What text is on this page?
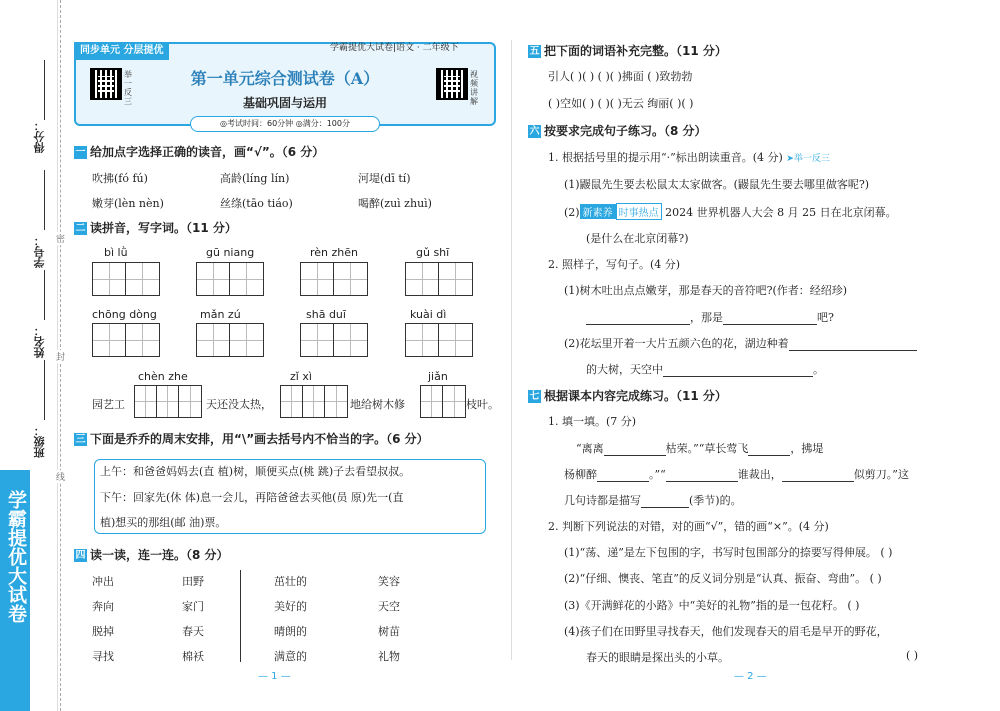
学霸提优大试卷
得分：
学号：
姓名：
班级：
密
封
线
同步单元 分层提优	学霸提优大试卷|语文 · 二年级下
举一反三
视频讲解
第一单元综合测试卷（A）
基础巩固与运用
◎考试时间：60分钟 ◎满分：100分
一 给加点字选择正确的读音，画“√”。（6 分）
吹拂(fó fú)	高龄(líng lín)	河堤(dī tí)
嫩芽(lèn nèn)	丝绦(tāo tiáo)	喝醉(zuì zhuì)
二 读拼音，写字词。（11 分）
bì lǜ	gū niang	rèn zhēn	gǔ shī
chōng dòng	mǎn zú	shā duī	kuài dì
chèn zhe	zǐ xì	jiǎn
园艺工	天还没太热，	地给树木修	枝叶。
三 下面是乔乔的周末安排，用“\”画去括号内不恰当的字。（6 分）
上午：和爸爸妈妈去(直 植)树，顺便买点(桃 跳)子去看望叔叔。
下午：回家先(休 体)息一会儿，再陪爸爸去买他(员 原)先一(直
植)想买的那组(邮 油)票。
四 读一读，连一连。（8 分）
冲出
奔向
脱掉
寻找
田野
家门
春天
棉袄
茁壮的
美好的
晴朗的
满意的
笑容
天空
树苗
礼物
五 把下面的词语补充完整。（11 分）
引人( )( ) ( )( )拂面 ( )致勃勃
( )空如( ) ( )( )无云 绚丽( )( )
六 按要求完成句子练习。（8 分）
1. 根据括号里的提示用“·”标出朗读重音。(4 分) ➤举一反三
(1)鼹鼠先生要去松鼠太太家做客。(鼹鼠先生要去哪里做客呢?)
(2) 新素养 时事热点 2024 世界机器人大会 8 月 25 日在北京闭幕。
(是什么在北京闭幕?)
2. 照样子，写句子。(4 分)
(1)树木吐出点点嫩芽，那是春天的音符吧?(作者：经绍珍)
，那是	吧?
(2)花坛里开着一大片五颜六色的花，湖边种着
的大树，天空中	。
七 根据课本内容完成练习。（11 分）
1. 填一填。(7 分)
“离离	枯荣。”“草长莺飞	，拂堤
杨柳醉	。”“	谁裁出，	似剪刀。”这
几句诗都是描写	(季节)的。
2. 判断下列说法的对错，对的画“√”，错的画“×”。(4 分)
(1)“荡、递”是左下包围的字，书写时包围部分的捺要写得伸展。 ( )
(2)“仔细、懊丧、笔直”的反义词分别是“认真、振奋、弯曲”。 ( )
(3)《开满鲜花的小路》中“美好的礼物”指的是一包花籽。 ( )
(4)孩子们在田野里寻找春天，他们发现春天的眉毛是早开的野花，
春天的眼睛是探出头的小草。	( )
— 1 —	— 2 —
